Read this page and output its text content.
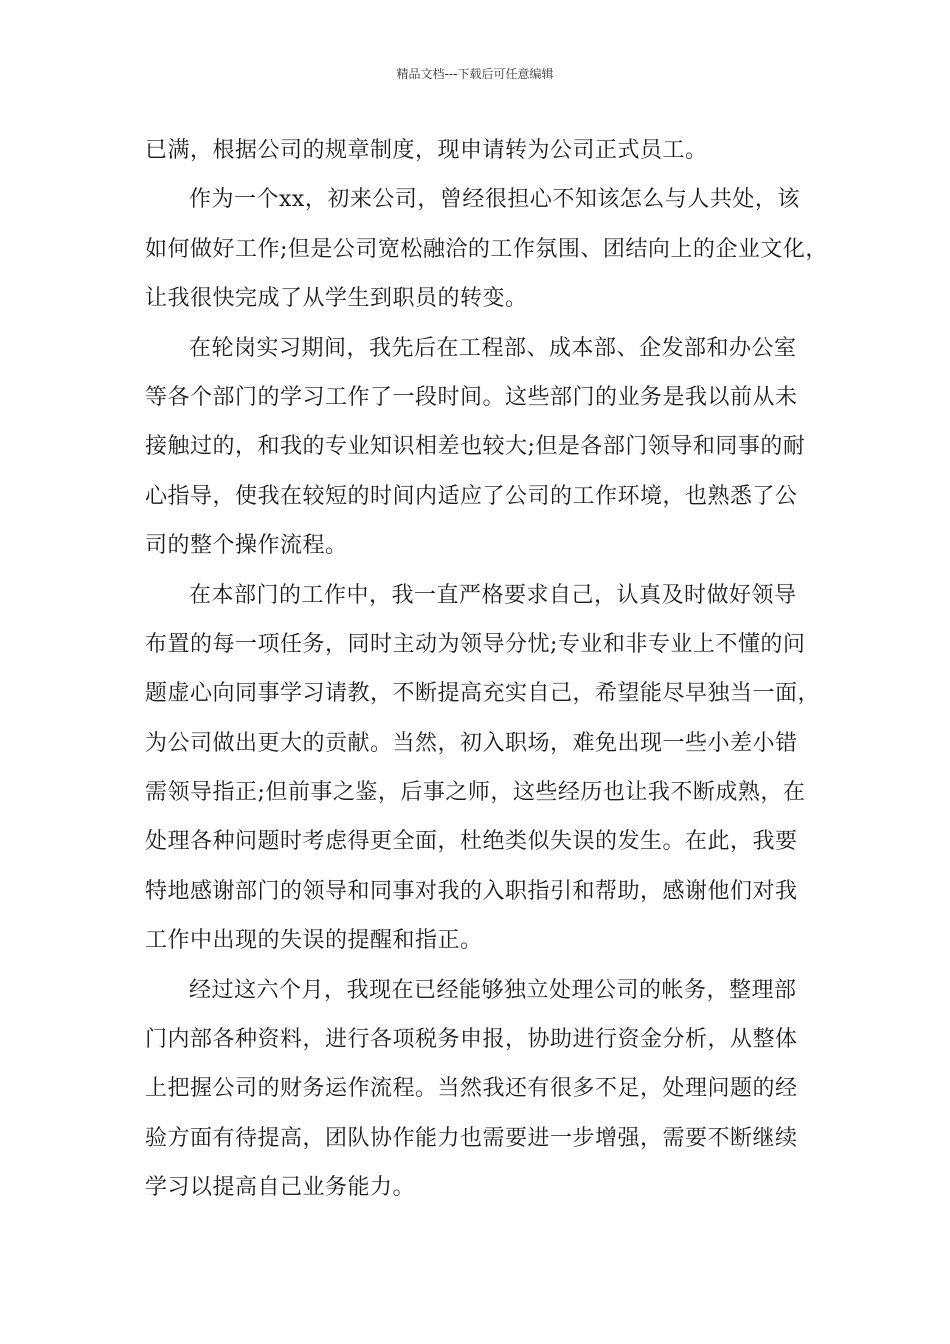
精品文档---下载后可任意编辑
已满，根据公司的规章制度，现申请转为公司正式员工。
作为一个xx，初来公司，曾经很担心不知该怎么与人共处，该
如何做好工作;但是公司宽松融洽的工作氛围、团结向上的企业文化，
让我很快完成了从学生到职员的转变。
在轮岗实习期间，我先后在工程部、成本部、企发部和办公室
等各个部门的学习工作了一段时间。这些部门的业务是我以前从未
接触过的，和我的专业知识相差也较大;但是各部门领导和同事的耐
心指导，使我在较短的时间内适应了公司的工作环境，也熟悉了公
司的整个操作流程。
在本部门的工作中，我一直严格要求自己，认真及时做好领导
布置的每一项任务，同时主动为领导分忧;专业和非专业上不懂的问
题虚心向同事学习请教，不断提高充实自己，希望能尽早独当一面，
为公司做出更大的贡献。当然，初入职场，难免出现一些小差小错
需领导指正;但前事之鉴，后事之师，这些经历也让我不断成熟，在
处理各种问题时考虑得更全面，杜绝类似失误的发生。在此，我要
特地感谢部门的领导和同事对我的入职指引和帮助，感谢他们对我
工作中出现的失误的提醒和指正。
经过这六个月，我现在已经能够独立处理公司的帐务，整理部
门内部各种资料，进行各项税务申报，协助进行资金分析，从整体
上把握公司的财务运作流程。当然我还有很多不足，处理问题的经
验方面有待提高，团队协作能力也需要进一步增强，需要不断继续
学习以提高自己业务能力。
